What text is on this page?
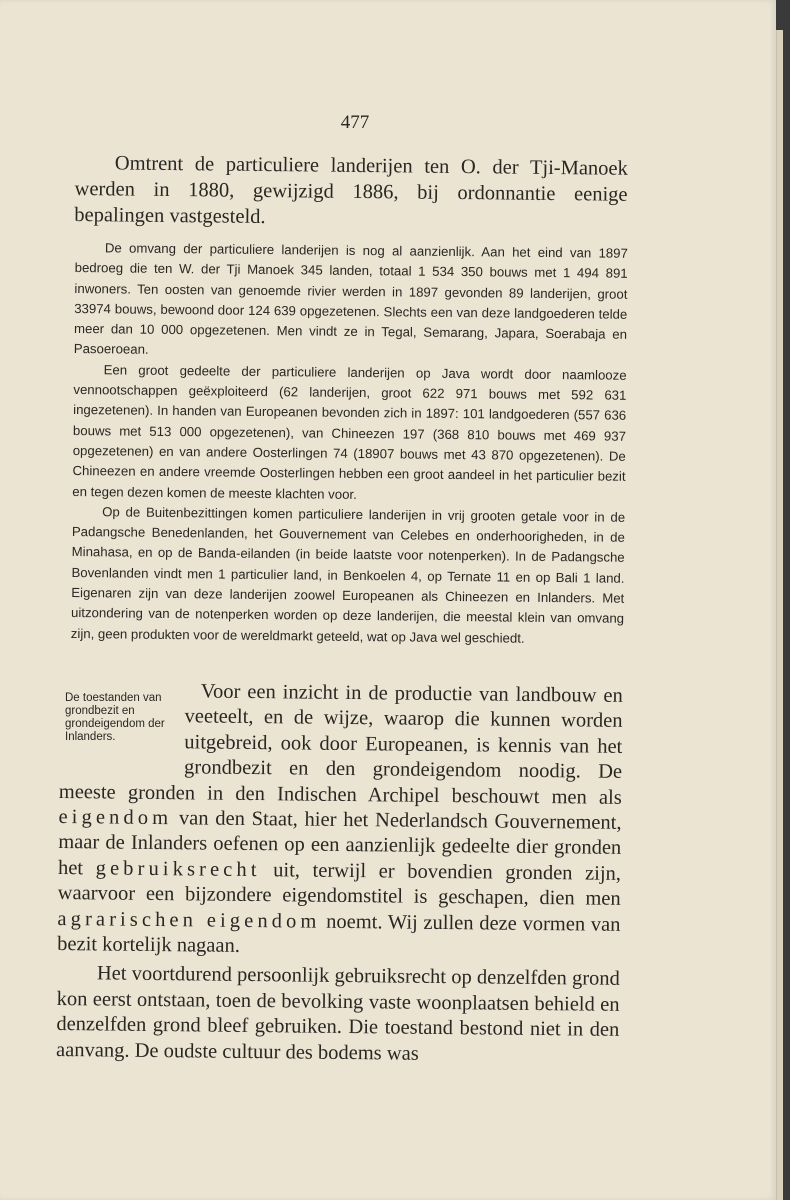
477
Omtrent de particuliere landerijen ten O. der Tji-Manoek werden in 1880, gewijzigd 1886, bij ordonnantie eenige bepalingen vastgesteld.

De omvang der particuliere landerijen is nog al aanzienlijk. Aan het eind van 1897 bedroeg die ten W. der Tji Manoek 345 landen, totaal 1 534 350 bouws met 1 494 891 inwoners. Ten oosten van genoemde rivier werden in 1897 gevonden 89 landerijen, groot 33974 bouws, bewoond door 124 639 opgezetenen. Slechts een van deze landgoederen telde meer dan 10 000 opgezetenen. Men vindt ze in Tegal, Semarang, Japara, Soerabaja en Pasoeroean.

Een groot gedeelte der particuliere landerijen op Java wordt door naamlooze vennootschappen geëxploiteerd (62 landerijen, groot 622 971 bouws met 592 631 ingezetenen). In handen van Europeanen bevonden zich in 1897: 101 landgoederen (557 636 bouws met 513 000 opgezetenen), van Chineezen 197 (368 810 bouws met 469 937 opgezetenen) en van andere Oosterlingen 74 (18907 bouws met 43 870 opgezetenen). De Chineezen en andere vreemde Oosterlingen hebben een groot aandeel in het particulier bezit en tegen dezen komen de meeste klachten voor.

Op de Buitenbezittingen komen particuliere landerijen in vrij grooten getale voor in de Padangsche Benedenlanden, het Gouvernement van Celebes en onderhoorigheden, in de Minahasa, en op de Banda-eilanden (in beide laatste voor notenperken). In de Padangsche Bovenlanden vindt men 1 particulier land, in Benkoelen 4, op Ternate 11 en op Bali 1 land. Eigenaren zijn van deze landerijen zoowel Europeanen als Chineezen en Inlanders. Met uitzondering van de notenperken worden op deze landerijen, die meestal klein van omvang zijn, geen produkten voor de wereldmarkt geteeld, wat op Java wel geschiedt.

De toestanden van grondbezit en grondeigendom der Inlanders.

Voor een inzicht in de productie van landbouw en veeteelt, en de wijze, waarop die kunnen worden uitgebreid, ook door Europeanen, is kennis van het grondbezit en den grondeigendom noodig. De meeste gronden in den Indischen Archipel beschouwt men als eigendom van den Staat, hier het Nederlandsch Gouvernement, maar de Inlanders oefenen op een aanzienlijk gedeelte dier gronden het gebruiksrecht uit, terwijl er bovendien gronden zijn, waarvoor een bijzondere eigendomstitel is geschapen, dien men agrarischen eigendom noemt. Wij zullen deze vormen van bezit kortelijk nagaan.

Het voortdurend persoonlijk gebruiksrecht op denzelfden grond kon eerst ontstaan, toen de bevolking vaste woonplaatsen behield en denzelfden grond bleef gebruiken. Die toestand bestond niet in den aanvang. De oudste cultuur des bodems was
